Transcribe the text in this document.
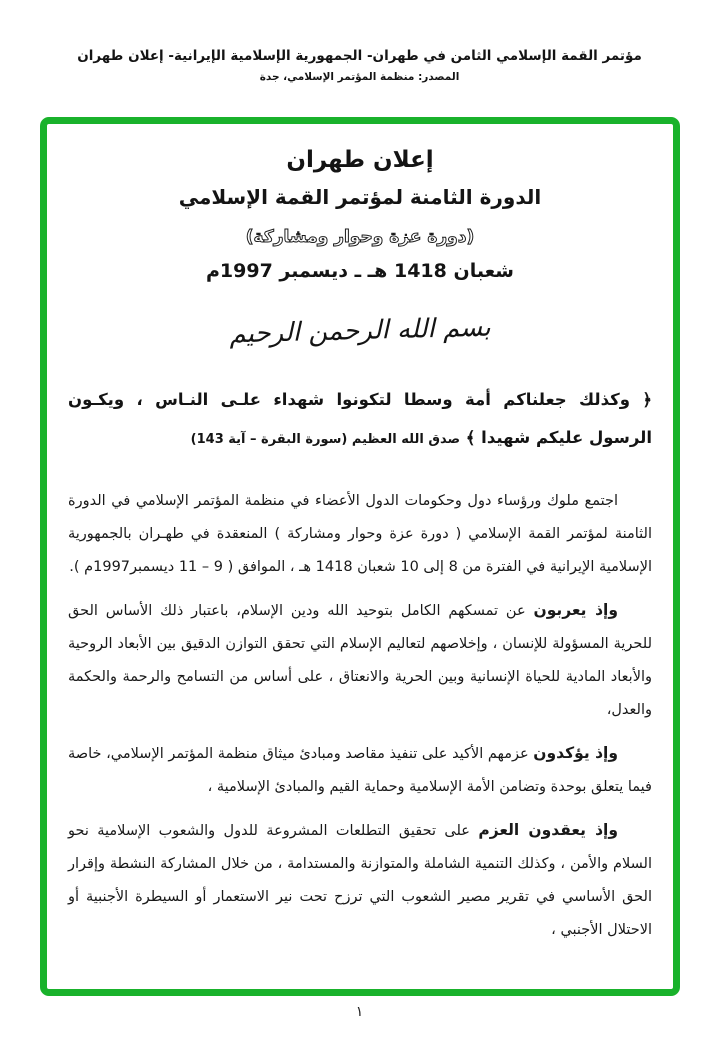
مؤتمر القمة الإسلامي الثامن في طهران- الجمهورية الإسلامية الإيرانية- إعلان طهران
المصدر: منظمة المؤتمر الإسلامي، جدة
إعلان طهران
الدورة الثامنة لمؤتمر القمة الإسلامي
(دورة عزة وحوار ومشاركة)
شعبان 1418 هـ ـ ديسمبر 1997م
بسم الله الرحمن الرحيم
﴿ وكذلك جعلناكم أمة وسطا لتكونوا شهداء علـى النـاس ، ويكـون الرسول عليكم شهيدا ﴾ صدق الله العظيم (سورة البقرة – آية 143)
اجتمع ملوك ورؤساء دول وحكومات الدول الأعضاء في منظمة المؤتمر الإسلامي في الدورة الثامنة لمؤتمر القمة الإسلامي ( دورة عزة وحوار ومشاركة ) المنعقدة في طهـران بالجمهورية الإسلامية الإيرانية في الفترة من 8 إلى 10 شعبان 1418 هـ ، الموافق ( 9 – 11 ديسمبر1997م ).
وإذ يعربون عن تمسكهم الكامل بتوحيد الله ودين الإسلام، باعتبار ذلك الأساس الحق للحرية المسؤولة للإنسان ، وإخلاصهم لتعاليم الإسلام التي تحقق التوازن الدقيق بين الأبعاد الروحية والأبعاد المادية للحياة الإنسانية وبين الحرية والانعتاق ، على أساس من التسامح والرحمة والحكمة والعدل،
وإذ يؤكدون عزمهم الأكيد على تنفيذ مقاصد ومبادئ ميثاق منظمة المؤتمر الإسلامي، خاصة فيما يتعلق بوحدة وتضامن الأمة الإسلامية وحماية القيم والمبادئ الإسلامية ،
وإذ يعقدون العزم على تحقيق التطلعات المشروعة للدول والشعوب الإسلامية نحو السلام والأمن ، وكذلك التنمية الشاملة والمتوازنة والمستدامة ، من خلال المشاركة النشطة وإقرار الحق الأساسي في تقرير مصير الشعوب التي ترزح تحت نير الاستعمار أو السيطرة الأجنبية أو الاحتلال الأجنبي ،
١
